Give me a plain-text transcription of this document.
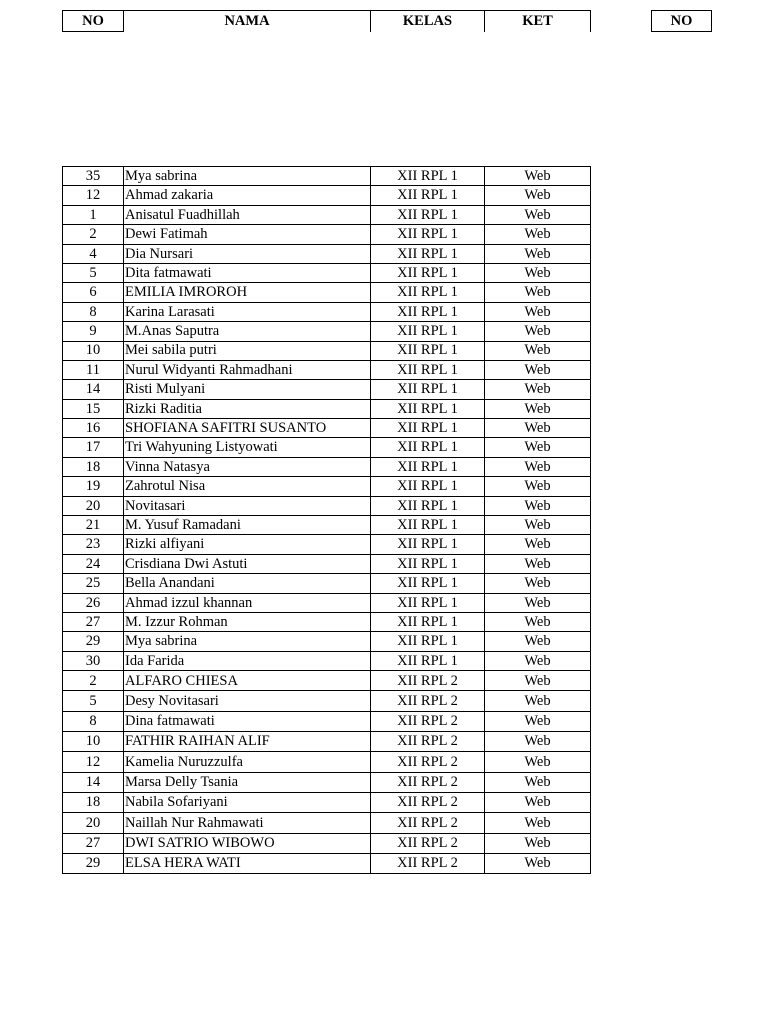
NO	NAMA	KELAS	KET	NO
35	Mya sabrina	XII RPL 1	Web
12	Ahmad zakaria	XII RPL 1	Web
1	Anisatul Fuadhillah	XII RPL 1	Web
2	Dewi Fatimah	XII RPL 1	Web
4	Dia Nursari	XII RPL 1	Web
5	Dita fatmawati	XII RPL 1	Web
6	EMILIA IMROROH	XII RPL 1	Web
8	Karina Larasati	XII RPL 1	Web
9	M.Anas Saputra	XII RPL 1	Web
10	Mei sabila putri	XII RPL 1	Web
11	Nurul Widyanti Rahmadhani	XII RPL 1	Web
14	Risti Mulyani	XII RPL 1	Web
15	Rizki Raditia	XII RPL 1	Web
16	SHOFIANA SAFITRI SUSANTO	XII RPL 1	Web
17	Tri Wahyuning Listyowati	XII RPL 1	Web
18	Vinna Natasya	XII RPL 1	Web
19	Zahrotul Nisa	XII RPL 1	Web
20	Novitasari	XII RPL 1	Web
21	M. Yusuf Ramadani	XII RPL 1	Web
23	Rizki alfiyani	XII RPL 1	Web
24	Crisdiana Dwi Astuti	XII RPL 1	Web
25	Bella Anandani	XII RPL 1	Web
26	Ahmad izzul khannan	XII RPL 1	Web
27	M. Izzur Rohman	XII RPL 1	Web
29	Mya sabrina	XII RPL 1	Web
30	Ida Farida	XII RPL 1	Web
2	ALFARO CHIESA	XII RPL 2	Web
5	Desy Novitasari	XII RPL 2	Web
8	Dina fatmawati	XII RPL 2	Web
10	FATHIR RAIHAN ALIF	XII RPL 2	Web
12	Kamelia Nuruzzulfa	XII RPL 2	Web
14	Marsa Delly Tsania	XII RPL 2	Web
18	Nabila Sofariyani	XII RPL 2	Web
20	Naillah Nur Rahmawati	XII RPL 2	Web
27	DWI SATRIO WIBOWO	XII RPL 2	Web
29	ELSA HERA WATI	XII RPL 2	Web
